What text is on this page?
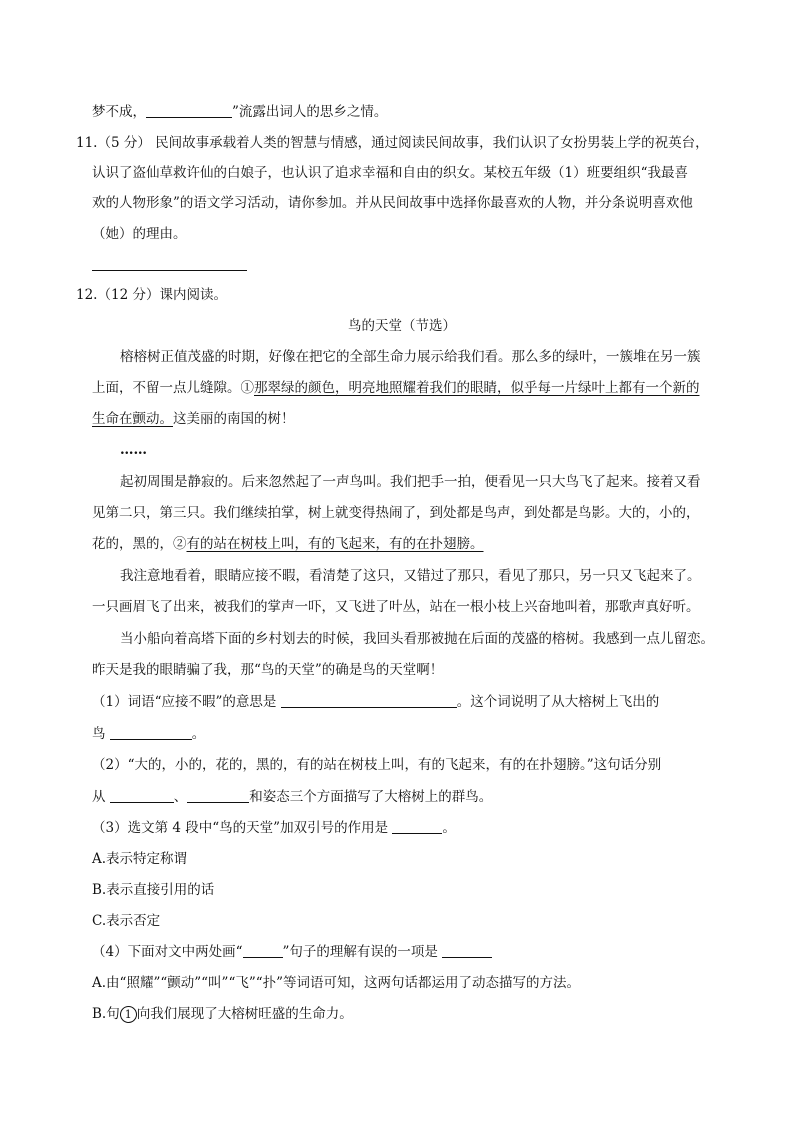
梦不成，	”流露出词人的思乡之情。
11.（5 分） 民间故事承载着人类的智慧与情感，通过阅读民间故事，我们认识了女扮男装上学的祝英台，
认识了盗仙草救许仙的白娘子，也认识了追求幸福和自由的织女。某校五年级（1）班要组织“我最喜
欢的人物形象”的语文学习活动，请你参加。并从民间故事中选择你最喜欢的人物，并分条说明喜欢他
（她）的理由。
12.（12 分）课内阅读。
鸟的天堂（节选）
榕榕树正值茂盛的时期，好像在把它的全部生命力展示给我们看。那么多的绿叶，一簇堆在另一簇
上面，不留一点儿缝隙。①那翠绿的颜色，明亮地照耀着我们的眼睛，似乎每一片绿叶上都有一个新的
生命在颤动。这美丽的南国的树！
……
起初周围是静寂的。后来忽然起了一声鸟叫。我们把手一拍，便看见一只大鸟飞了起来。接着又看
见第二只，第三只。我们继续拍掌，树上就变得热闹了，到处都是鸟声，到处都是鸟影。大的，小的，
花的，黑的，②有的站在树枝上叫，有的飞起来，有的在扑翅膀。
我注意地看着，眼睛应接不暇，看清楚了这只，又错过了那只，看见了那只，另一只又飞起来了。
一只画眉飞了出来，被我们的掌声一吓，又飞进了叶丛，站在一根小枝上兴奋地叫着，那歌声真好听。
当小船向着高塔下面的乡村划去的时候，我回头看那被抛在后面的茂盛的榕树。我感到一点儿留恋。
昨天是我的眼睛骗了我，那“鸟的天堂”的确是鸟的天堂啊！
（1）词语“应接不暇”的意思是	。这个词说明了从大榕树上飞出的
鸟	。
（2）“大的，小的，花的，黑的，有的站在树枝上叫，有的飞起来，有的在扑翅膀。”这句话分别
从	、	和姿态三个方面描写了大榕树上的群鸟。
（3）选文第 4 段中“鸟的天堂”加双引号的作用是	。
A.表示特定称谓
B.表示直接引用的话
C.表示否定
（4）下面对文中两处画“	”句子的理解有误的一项是
A.由“照耀”“颤动”“叫”“飞”“扑”等词语可知，这两句话都运用了动态描写的方法。
B.句 1 向我们展现了大榕树旺盛的生命力。
